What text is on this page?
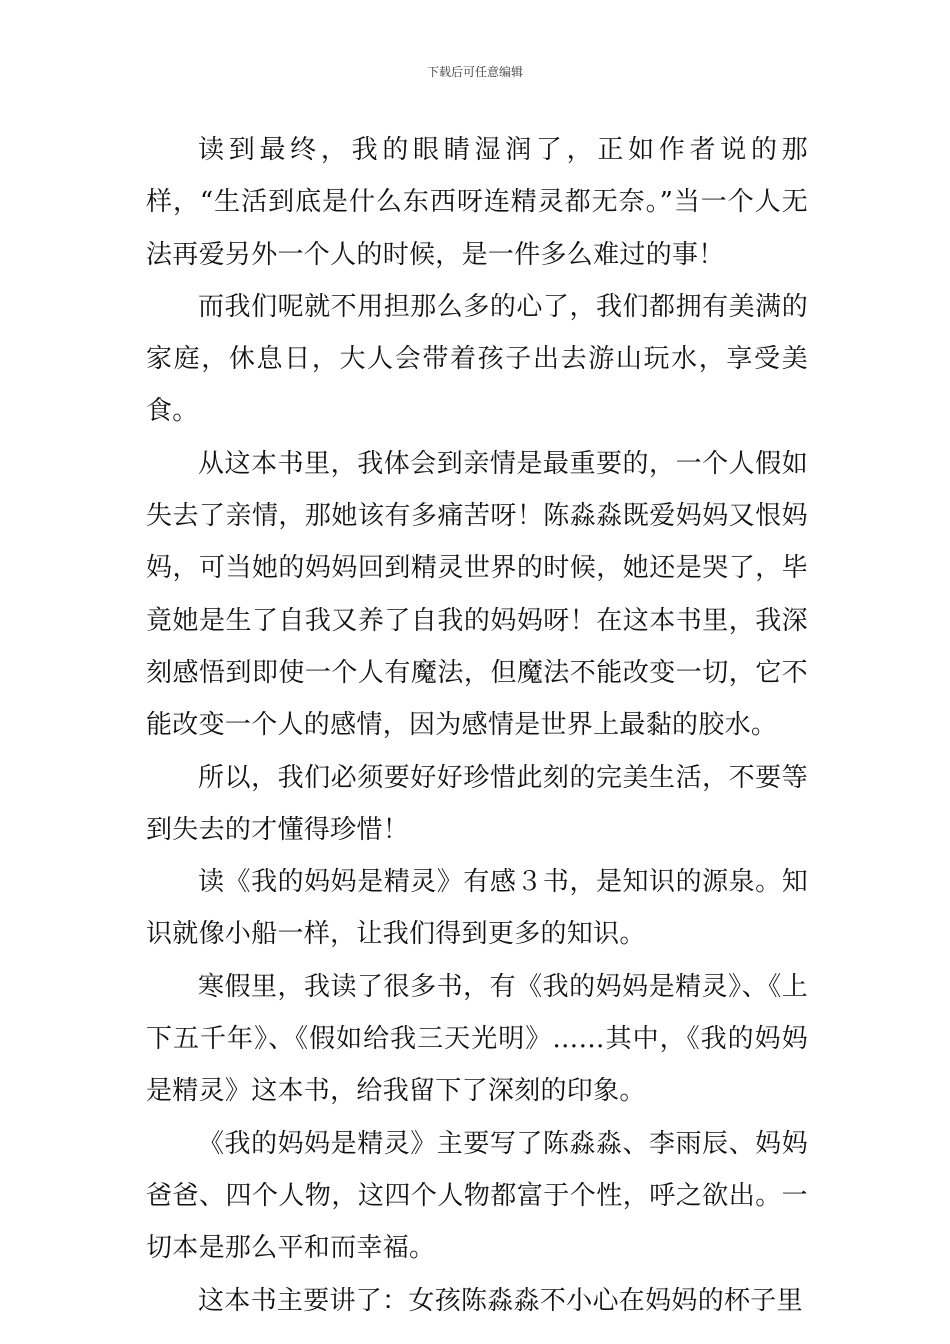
下载后可任意编辑

读到最终，我的眼睛湿润了，正如作者说的那样，“生活到底是什么东西呀连精灵都无奈。”当一个人无法再爱另外一个人的时候，是一件多么难过的事！

而我们呢就不用担那么多的心了，我们都拥有美满的家庭，休息日，大人会带着孩子出去游山玩水，享受美食。

从这本书里，我体会到亲情是最重要的，一个人假如失去了亲情，那她该有多痛苦呀！陈淼淼既爱妈妈又恨妈妈，可当她的妈妈回到精灵世界的时候，她还是哭了，毕竟她是生了自我又养了自我的妈妈呀！在这本书里，我深刻感悟到即使一个人有魔法，但魔法不能改变一切，它不能改变一个人的感情，因为感情是世界上最黏的胶水。

所以，我们必须要好好珍惜此刻的完美生活，不要等到失去的才懂得珍惜！

读《我的妈妈是精灵》有感３书，是知识的源泉。知识就像小船一样，让我们得到更多的知识。

寒假里，我读了很多书，有《我的妈妈是精灵》、《上下五千年》、《假如给我三天光明》……其中，《我的妈妈是精灵》这本书，给我留下了深刻的印象。

《我的妈妈是精灵》主要写了陈淼淼、李雨辰、妈妈爸爸、四个人物，这四个人物都富于个性，呼之欲出。一切本是那么平和而幸福。

这本书主要讲了：女孩陈淼淼不小心在妈妈的杯子里
